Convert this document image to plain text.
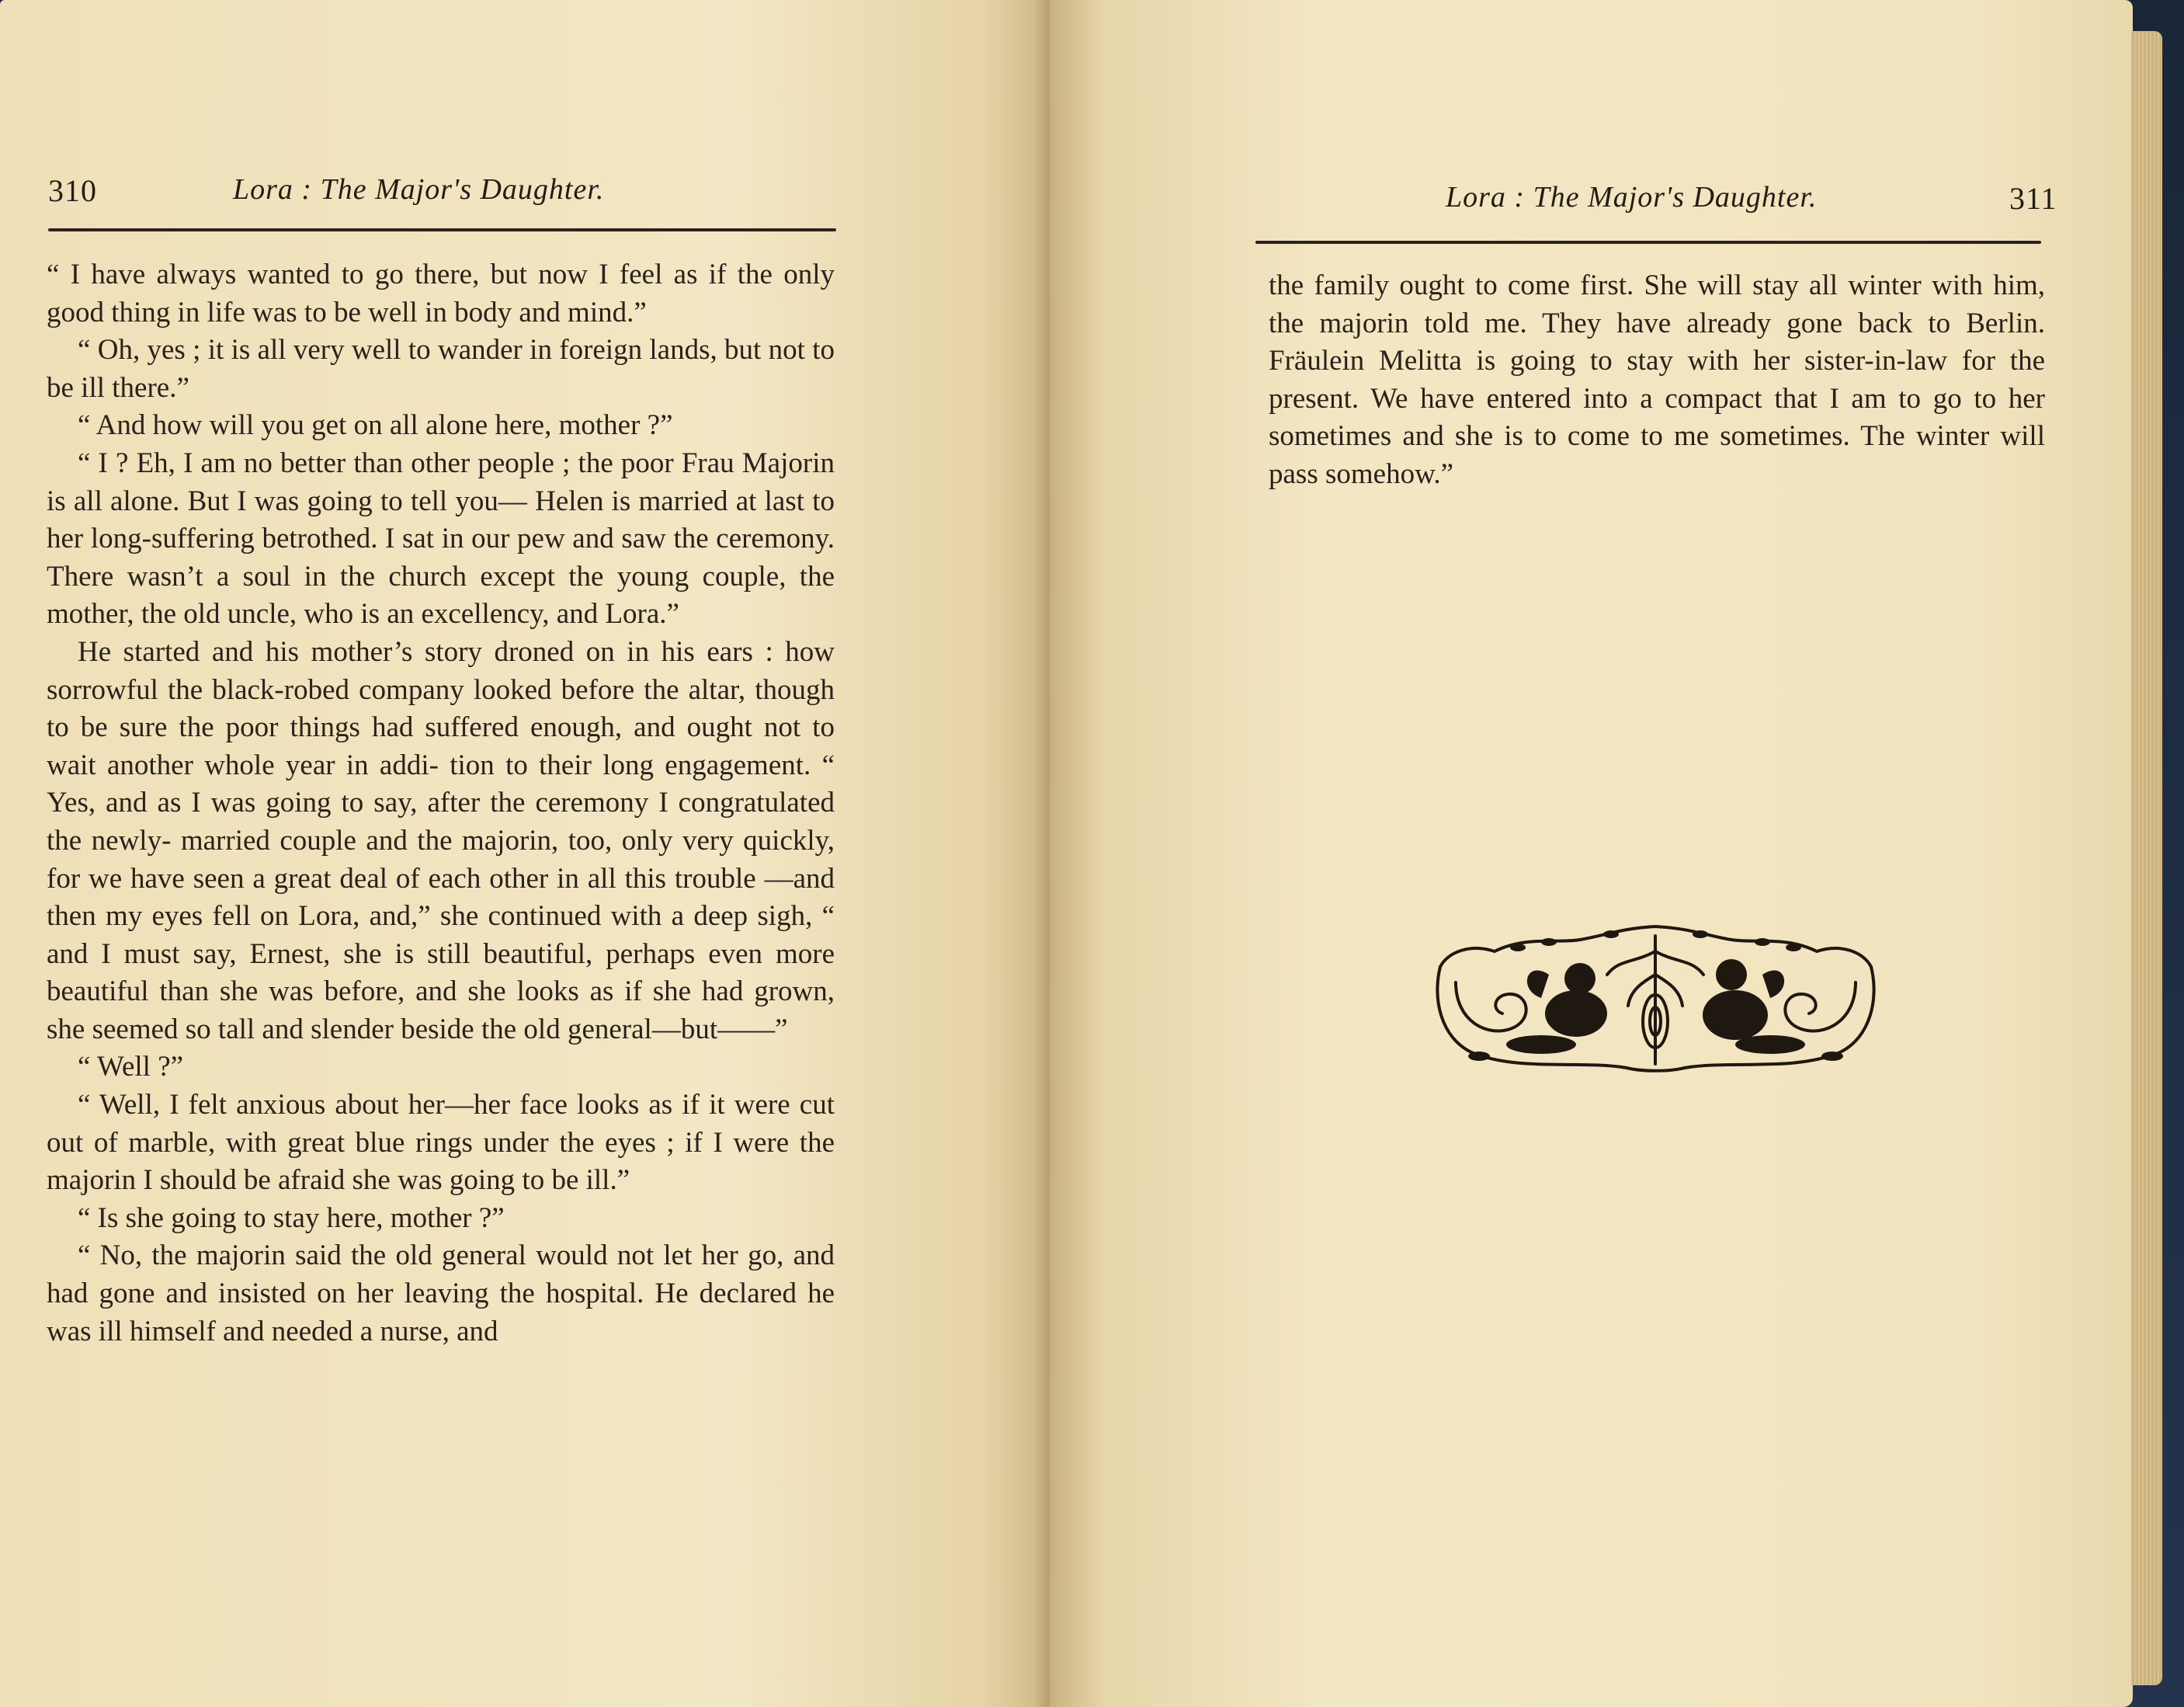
310	Lora : The Major's Daughter.

“ I have always wanted to go there, but now I feel as if the only good thing in life was to be well in body and mind.”

“ Oh, yes ; it is all very well to wander in foreign lands, but not to be ill there.”

“ And how will you get on all alone here, mother ?”

“ I ? Eh, I am no better than other people ; the poor Frau Majorin is all alone. But I was going to tell you— Helen is married at last to her long-suffering betrothed. I sat in our pew and saw the ceremony. There wasn’t a soul in the church except the young couple, the mother, the old uncle, who is an excellency, and Lora.”

He started and his mother’s story droned on in his ears : how sorrowful the black-robed company looked before the altar, though to be sure the poor things had suffered enough, and ought not to wait another whole year in addi- tion to their long engagement. “ Yes, and as I was going to say, after the ceremony I congratulated the newly- married couple and the majorin, too, only very quickly, for we have seen a great deal of each other in all this trouble —and then my eyes fell on Lora, and,” she continued with a deep sigh, “ and I must say, Ernest, she is still beautiful, perhaps even more beautiful than she was before, and she looks as if she had grown, she seemed so tall and slender beside the old general—but——”

“ Well ?”

“ Well, I felt anxious about her—her face looks as if it were cut out of marble, with great blue rings under the eyes ; if I were the majorin I should be afraid she was going to be ill.”

“ Is she going to stay here, mother ?”

“ No, the majorin said the old general would not let her go, and had gone and insisted on her leaving the hospital. He declared he was ill himself and needed a nurse, and

Lora : The Major's Daughter.	311

the family ought to come first. She will stay all winter with him, the majorin told me. They have already gone back to Berlin. Fräulein Melitta is going to stay with her sister-in-law for the present. We have entered into a compact that I am to go to her sometimes and she is to come to me sometimes. The winter will pass somehow.”
